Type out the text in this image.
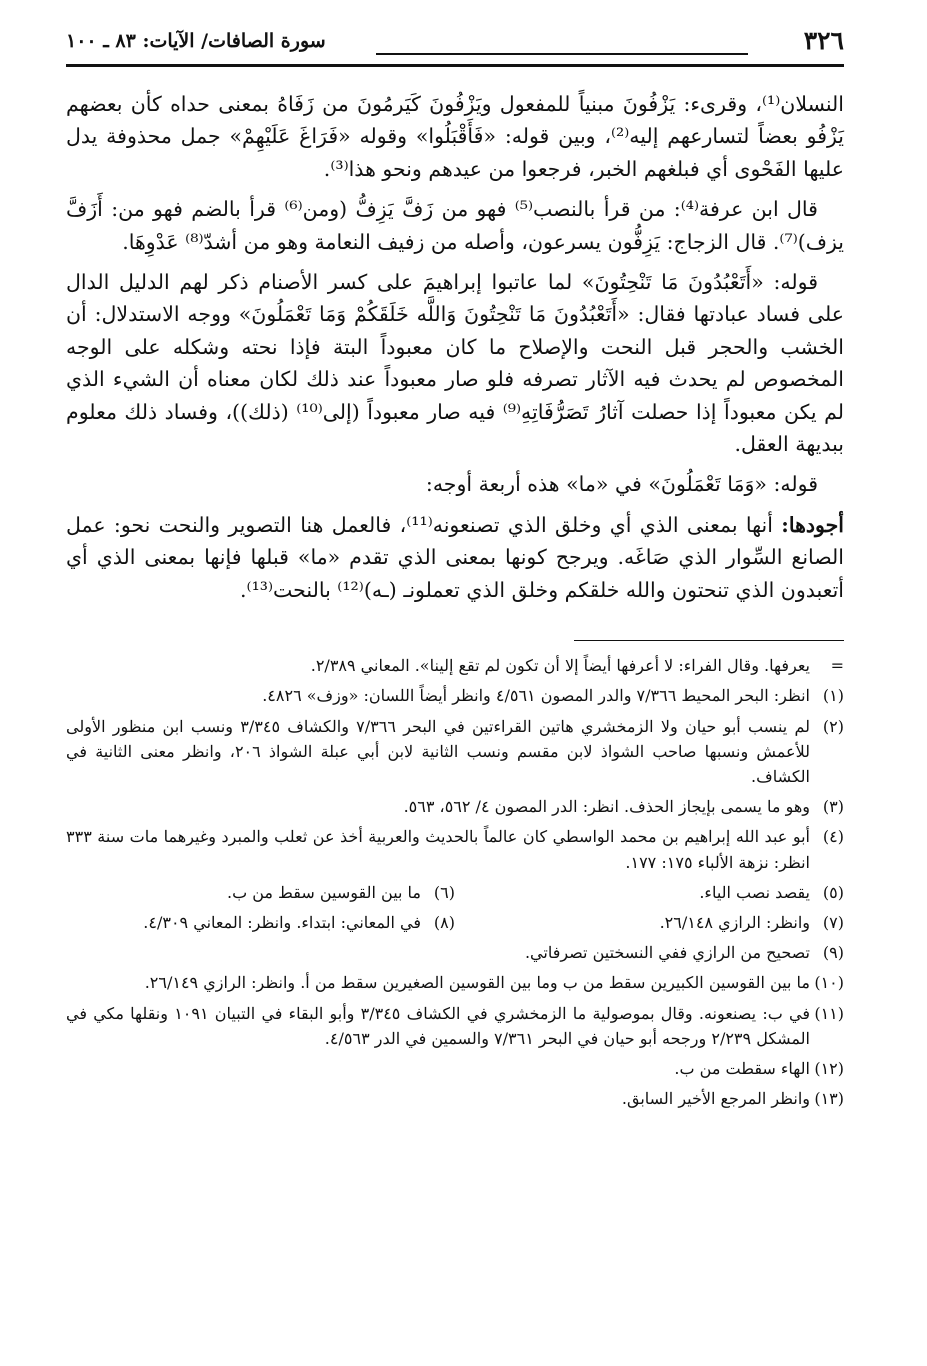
٣٢٦
سورة الصافات/ الآيات: ٨٣ ـ ١٠٠

النسلان⁽¹⁾، وقرىء: يَزْفُونَ مبنياً للمفعول ويَزْفُونَ كَيَرمُونَ من زَفَاهُ بمعنى حداه كأن بعضهم يَزْفُو بعضاً لتسارعهم إليه⁽²⁾، وبين قوله: «فَأَقْبَلُوا» وقوله «فَرَاغَ عَلَيْهِمْ» جمل محذوفة يدل عليها الفَحْوى أي فبلغهم الخبر، فرجعوا من عيدهم ونحو هذا⁽³⁾.

قال ابن عرفة⁽⁴⁾: من قرأ بالنصب⁽⁵⁾ فهو من زَفَّ يَزِفُّ (ومن⁽⁶⁾ قرأ بالضم فهو من: أَزَفَّ يزف)⁽⁷⁾. قال الزجاج: يَزِفُّون يسرعون، وأصله من زفيف النعامة وهو من أشدّ⁽⁸⁾ عَدْوِهَا.

قوله: «أَتَعْبُدُونَ مَا تَنْحِتُونَ» لما عاتبوا إبراهيمَ على كسر الأصنام ذكر لهم الدليل الدال على فساد عبادتها فقال: «أَتَعْبُدُونَ مَا تَنْحِتُونَ وَاللَّه خَلَقَكُمْ وَمَا تَعْمَلُونَ» ووجه الاستدلال: أن الخشب والحجر قبل النحت والإصلاح ما كان معبوداً البتة فإذا نحته وشكله على الوجه المخصوص لم يحدث فيه الآثار تصرفه فلو صار معبوداً عند ذلك لكان معناه أن الشيء الذي لم يكن معبوداً إذا حصلت آثارُ تَصَرُّفَاتِهِ⁽⁹⁾ فيه صار معبوداً (إلى⁽¹⁰⁾ (ذلك))، وفساد ذلك معلوم ببديهة العقل.

قوله: «وَمَا تَعْمَلُونَ» في «ما» هذه أربعة أوجه:

أجودها: أنها بمعنى الذي أي وخلق الذي تصنعونه⁽¹¹⁾، فالعمل هنا التصوير والنحت نحو: عمل الصانع السِّوار الذي صَاغَه. ويرجح كونها بمعنى الذي تقدم «ما» قبلها فإنها بمعنى الذي أي أتعبدون الذي تنحتون والله خلقكم وخلق الذي تعملونـ (ـه)⁽¹²⁾ بالنحت⁽¹³⁾.

=
يعرفها. وقال الفراء: لا أعرفها أيضاً إلا أن تكون لم تقع إلينا». المعاني ٢/٣٨٩.
(١)
انظر: البحر المحيط ٧/٣٦٦ والدر المصون ٤/٥٦١ وانظر أيضاً اللسان: «وزف» ٤٨٢٦.
(٢)
لم ينسب أبو حيان ولا الزمخشري هاتين القراءتين في البحر ٧/٣٦٦ والكشاف ٣/٣٤٥ ونسب ابن منظور الأولى للأعمش ونسبها صاحب الشواذ لابن مقسم ونسب الثانية لابن أبي عبلة الشواذ ٢٠٦، وانظر معنى الثانية في الكشاف.
(٣)
وهو ما يسمى بإيجاز الحذف. انظر: الدر المصون ٤/ ٥٦٢، ٥٦٣.
(٤)
أبو عبد الله إبراهيم بن محمد الواسطي كان عالماً بالحديث والعربية أخذ عن ثعلب والمبرد وغيرهما مات سنة ٣٣٣ انظر: نزهة الألباء ١٧٥: ١٧٧.
(٥)
يقصد نصب الياء.
(٦)
ما بين القوسين سقط من ب.
(٧)
وانظر: الرازي ٢٦/١٤٨.
(٨)
في المعاني: ابتداء. وانظر: المعاني ٤/٣٠٩.
(٩)
تصحيح من الرازي ففي النسختين تصرفاتي.
(١٠)
ما بين القوسين الكبيرين سقط من ب وما بين القوسين الصغيرين سقط من أ. وانظر: الرازي ٢٦/١٤٩.
(١١)
في ب: يصنعونه. وقال بموصولية ما الزمخشري في الكشاف ٣/٣٤٥ وأبو البقاء في التبيان ١٠٩١ ونقلها مكي في المشكل ٢/٢٣٩ ورجحه أبو حيان في البحر ٧/٣٦١ والسمين في الدر ٤/٥٦٣.
(١٢)
الهاء سقطت من ب.
(١٣)
وانظر المرجع الأخير السابق.
